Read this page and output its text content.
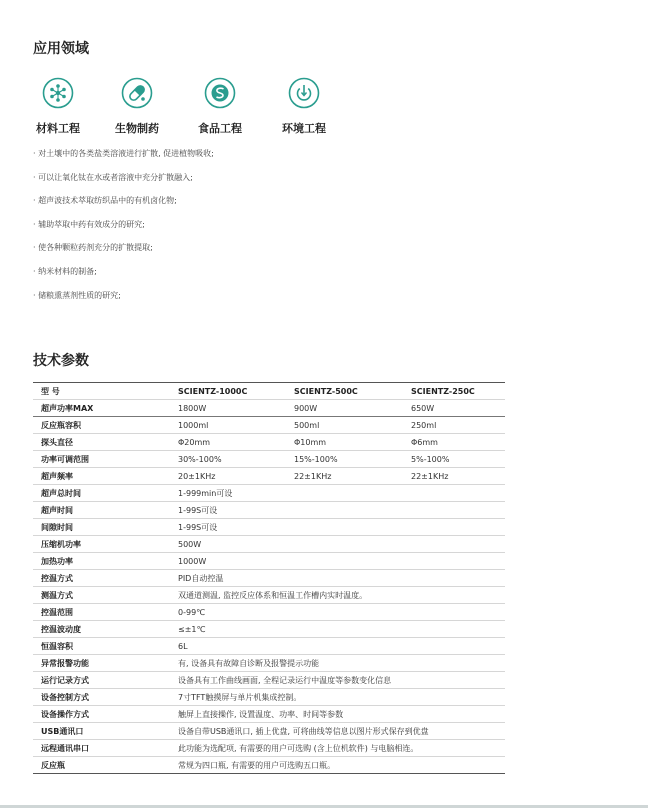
应用领域
材料工程	生物制药	食品工程	环境工程
· 对土壤中的各类盐类溶液进行扩散, 促进植物吸收;
· 可以让氧化钛在水或者溶液中充分扩散融入;
· 超声波技术萃取纺织品中的有机卤化物;
· 辅助萃取中药有效成分的研究;
· 使各种颗粒药剂充分的扩散提取;
· 纳米材料的制备;
· 储粮熏蒸剂性质的研究;
技术参数
型 号	SCIENTZ-1000C	SCIENTZ-500C	SCIENTZ-250C
超声功率MAX	1800W	900W	650W
反应瓶容积	1000ml	500ml	250ml
探头直径	Φ20mm	Φ10mm	Φ6mm
功率可调范围	30%-100%	15%-100%	5%-100%
超声频率	20±1KHz	22±1KHz	22±1KHz
超声总时间	1-999min可设		
超声时间	1-99S可设		
间隙时间	1-99S可设		
压缩机功率	500W		
加热功率	1000W		
控温方式	PID自动控温		
测温方式	双通道测温, 监控反应体系和恒温工作槽内实时温度。		
控温范围	0-99℃		
控温波动度	≤±1℃		
恒温容积	6L		
异常报警功能	有, 设备具有故障自诊断及报警提示功能		
运行记录方式	设备具有工作曲线画面, 全程记录运行中温度等参数变化信息		
设备控制方式	7寸TFT触摸屏与单片机集成控制。		
设备操作方式	触屏上直接操作, 设置温度、功率、时间等参数		
USB通讯口	设备自带USB通讯口, 插上优盘, 可将曲线等信息以图片形式保存到优盘		
远程通讯串口	此功能为选配项, 有需要的用户可选购 (含上位机软件) 与电脑相连。		
反应瓶	常规为四口瓶, 有需要的用户可选购五口瓶。		
